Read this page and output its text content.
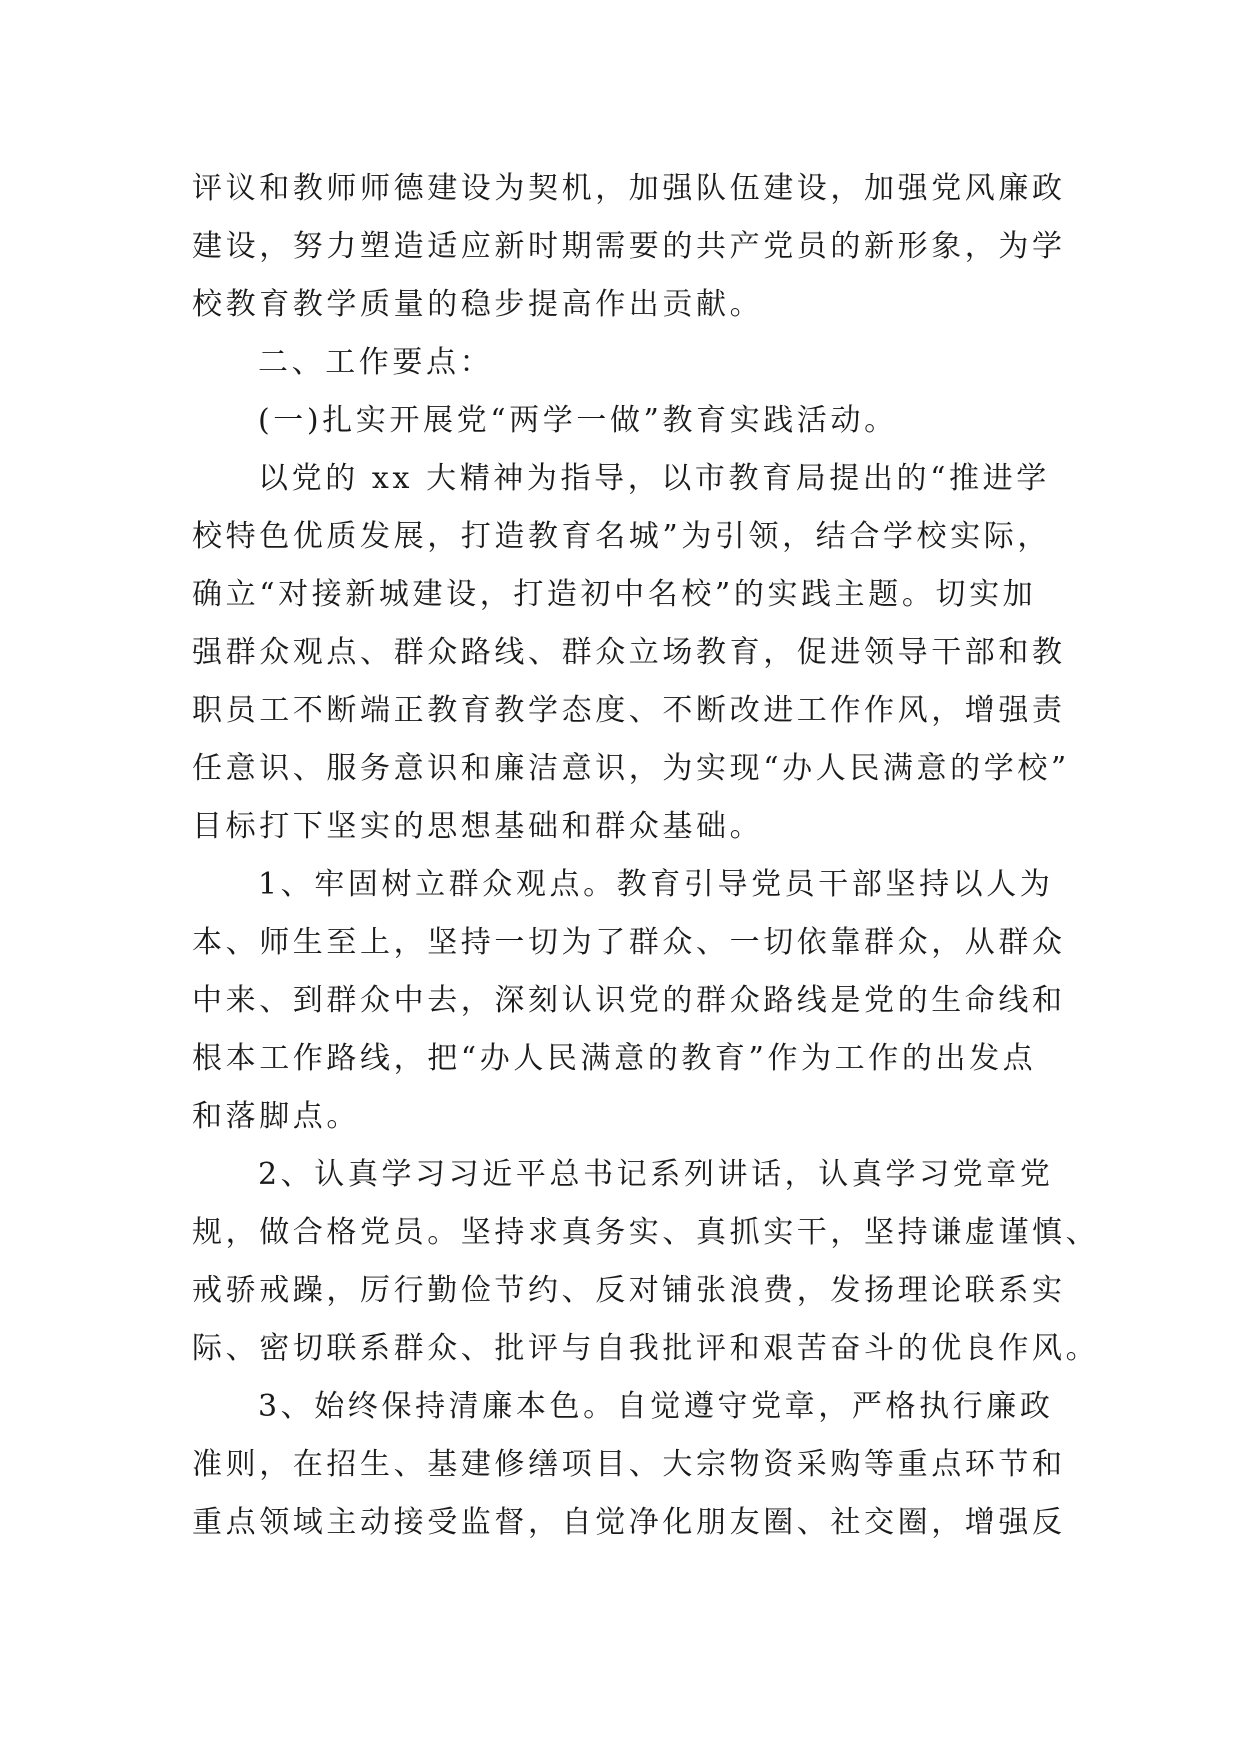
评议和教师师德建设为契机，加强队伍建设，加强党风廉政
建设，努力塑造适应新时期需要的共产党员的新形象，为学
校教育教学质量的稳步提高作出贡献。
二、工作要点：
(一)扎实开展党“两学一做”教育实践活动。
以党的 xx 大精神为指导，以市教育局提出的“推进学
校特色优质发展，打造教育名城”为引领，结合学校实际，
确立“对接新城建设，打造初中名校”的实践主题。切实加
强群众观点、群众路线、群众立场教育，促进领导干部和教
职员工不断端正教育教学态度、不断改进工作作风，增强责
任意识、服务意识和廉洁意识，为实现“办人民满意的学校”
目标打下坚实的思想基础和群众基础。
1、牢固树立群众观点。教育引导党员干部坚持以人为
本、师生至上，坚持一切为了群众、一切依靠群众，从群众
中来、到群众中去，深刻认识党的群众路线是党的生命线和
根本工作路线，把“办人民满意的教育”作为工作的出发点
和落脚点。
2、认真学习习近平总书记系列讲话，认真学习党章党
规，做合格党员。坚持求真务实、真抓实干，坚持谦虚谨慎、
戒骄戒躁，厉行勤俭节约、反对铺张浪费，发扬理论联系实
际、密切联系群众、批评与自我批评和艰苦奋斗的优良作风。
3、始终保持清廉本色。自觉遵守党章，严格执行廉政
准则，在招生、基建修缮项目、大宗物资采购等重点环节和
重点领域主动接受监督，自觉净化朋友圈、社交圈，增强反
